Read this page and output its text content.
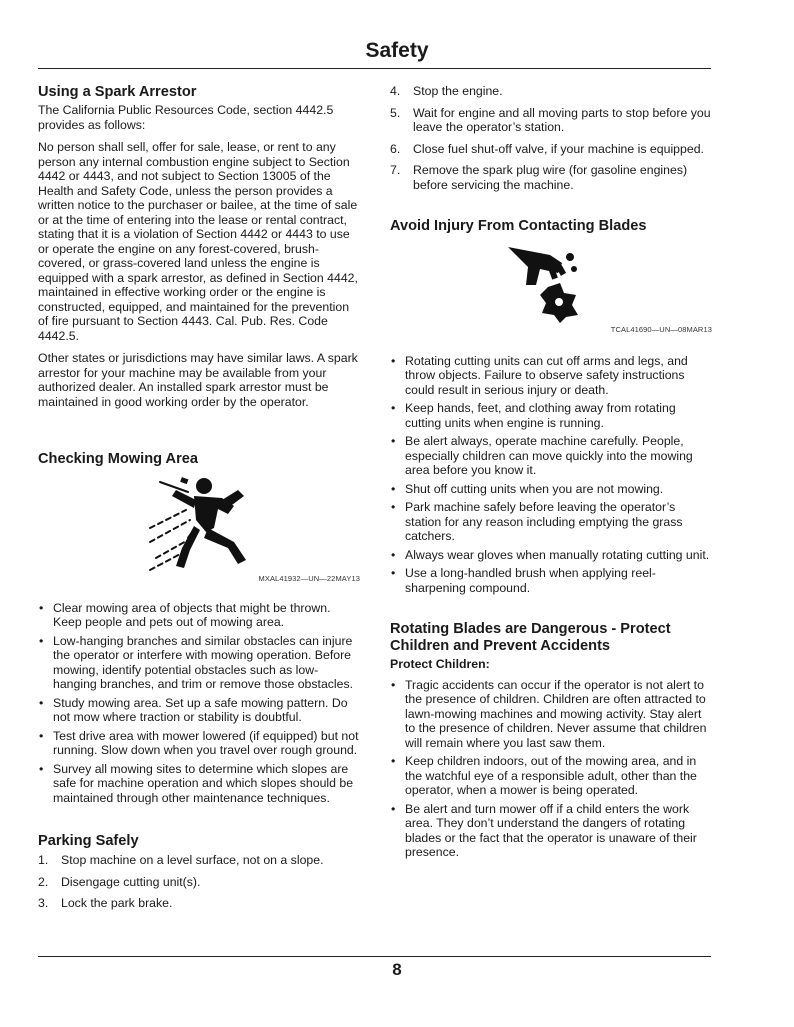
Safety
Using a Spark Arrestor

The California Public Resources Code, section 4442.5 provides as follows:

No person shall sell, offer for sale, lease, or rent to any person any internal combustion engine subject to Section 4442 or 4443, and not subject to Section 13005 of the Health and Safety Code, unless the person provides a written notice to the purchaser or bailee, at the time of sale or at the time of entering into the lease or rental contract, stating that it is a violation of Section 4442 or 4443 to use or operate the engine on any forest-covered, brush-covered, or grass-covered land unless the engine is equipped with a spark arrestor, as defined in Section 4442, maintained in effective working order or the engine is constructed, equipped, and maintained for the prevention of fire pursuant to Section 4443. Cal. Pub. Res. Code 4442.5.

Other states or jurisdictions may have similar laws. A spark arrestor for your machine may be available from your authorized dealer. An installed spark arrestor must be maintained in good working order by the operator.

Checking Mowing Area
MXAL41932—UN—22MAY13
• Clear mowing area of objects that might be thrown. Keep people and pets out of mowing area.
• Low-hanging branches and similar obstacles can injure the operator or interfere with mowing operation. Before mowing, identify potential obstacles such as low-hanging branches, and trim or remove those obstacles.
• Study mowing area. Set up a safe mowing pattern. Do not mow where traction or stability is doubtful.
• Test drive area with mower lowered (if equipped) but not running. Slow down when you travel over rough ground.
• Survey all mowing sites to determine which slopes are safe for machine operation and which slopes should be maintained through other maintenance techniques.
Parking Safely
1. Stop machine on a level surface, not on a slope.
2. Disengage cutting unit(s).
3. Lock the park brake.
4. Stop the engine.
5. Wait for engine and all moving parts to stop before you leave the operator’s station.
6. Close fuel shut-off valve, if your machine is equipped.
7. Remove the spark plug wire (for gasoline engines) before servicing the machine.
Avoid Injury From Contacting Blades
TCAL41690—UN—08MAR13
• Rotating cutting units can cut off arms and legs, and throw objects. Failure to observe safety instructions could result in serious injury or death.
• Keep hands, feet, and clothing away from rotating cutting units when engine is running.
• Be alert always, operate machine carefully. People, especially children can move quickly into the mowing area before you know it.
• Shut off cutting units when you are not mowing.
• Park machine safely before leaving the operator’s station for any reason including emptying the grass catchers.
• Always wear gloves when manually rotating cutting unit.
• Use a long-handled brush when applying reel-sharpening compound.
Rotating Blades are Dangerous - Protect Children and Prevent Accidents
Protect Children:
• Tragic accidents can occur if the operator is not alert to the presence of children. Children are often attracted to lawn-mowing machines and mowing activity. Stay alert to the presence of children. Never assume that children will remain where you last saw them.
• Keep children indoors, out of the mowing area, and in the watchful eye of a responsible adult, other than the operator, when a mower is being operated.
• Be alert and turn mower off if a child enters the work area. They don’t understand the dangers of rotating blades or the fact that the operator is unaware of their presence.
8
